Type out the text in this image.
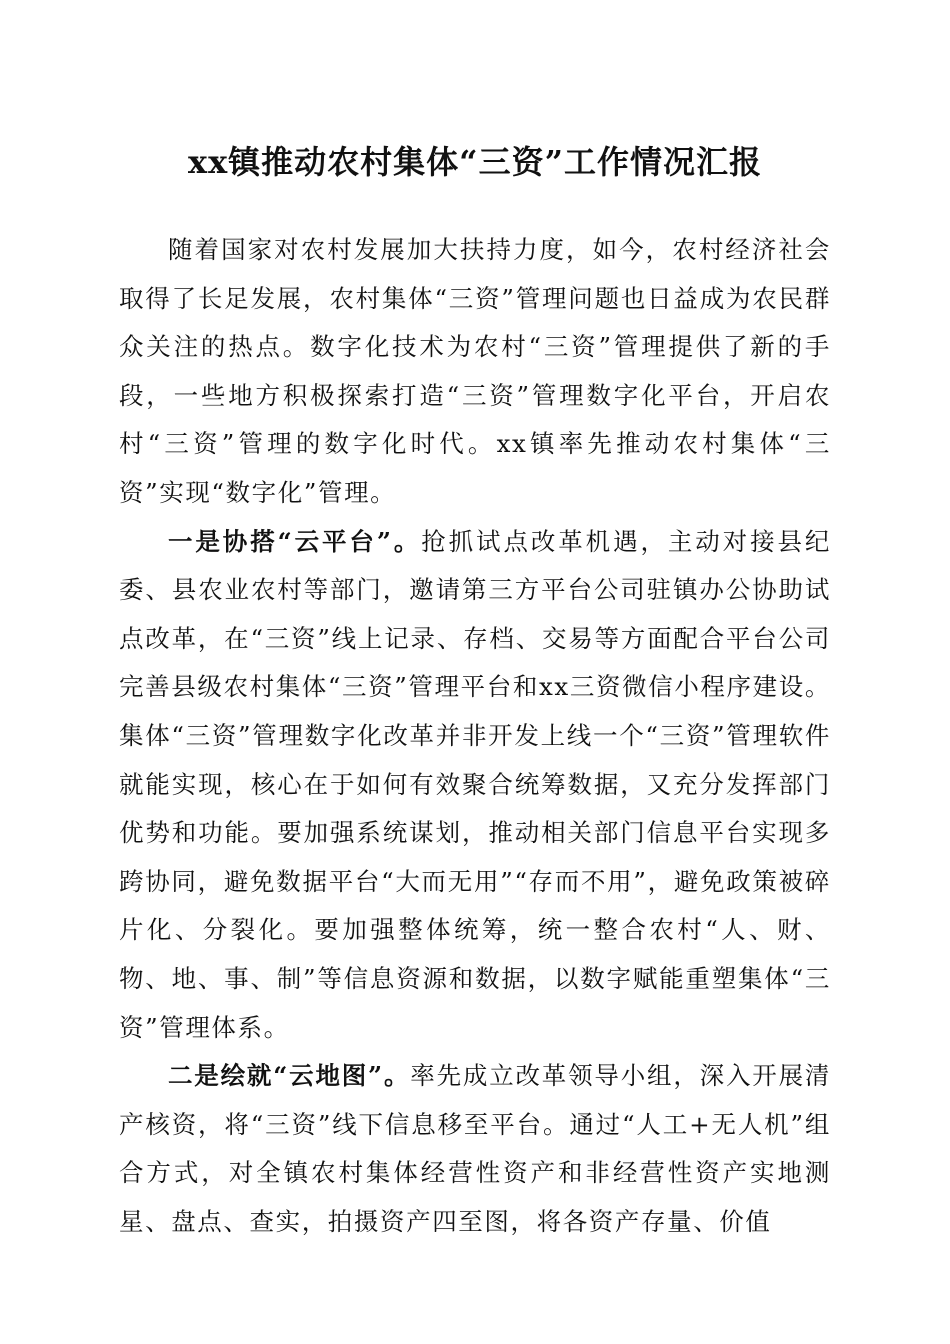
xx镇推动农村集体“三资”工作情况汇报

随着国家对农村发展加大扶持力度，如今，农村经济社会取得了长足发展，农村集体“三资”管理问题也日益成为农民群众关注的热点。数字化技术为农村“三资”管理提供了新的手段，一些地方积极探索打造“三资”管理数字化平台，开启农村“三资”管理的数字化时代。xx镇率先推动农村集体“三资”实现“数字化”管理。

一是协搭“云平台”。抢抓试点改革机遇，主动对接县纪委、县农业农村等部门，邀请第三方平台公司驻镇办公协助试点改革，在“三资”线上记录、存档、交易等方面配合平台公司完善县级农村集体“三资”管理平台和xx三资微信小程序建设。集体“三资”管理数字化改革并非开发上线一个“三资”管理软件就能实现，核心在于如何有效聚合统筹数据，又充分发挥部门优势和功能。要加强系统谋划，推动相关部门信息平台实现多跨协同，避免数据平台“大而无用”“存而不用”，避免政策被碎片化、分裂化。要加强整体统筹，统一整合农村“人、财、物、地、事、制”等信息资源和数据，以数字赋能重塑集体“三资”管理体系。

二是绘就“云地图”。率先成立改革领导小组，深入开展清产核资，将“三资”线下信息移至平台。通过“人工+无人机”组合方式，对全镇农村集体经营性资产和非经营性资产实地测星、盘点、查实，拍摄资产四至图，将各资产存量、价值
